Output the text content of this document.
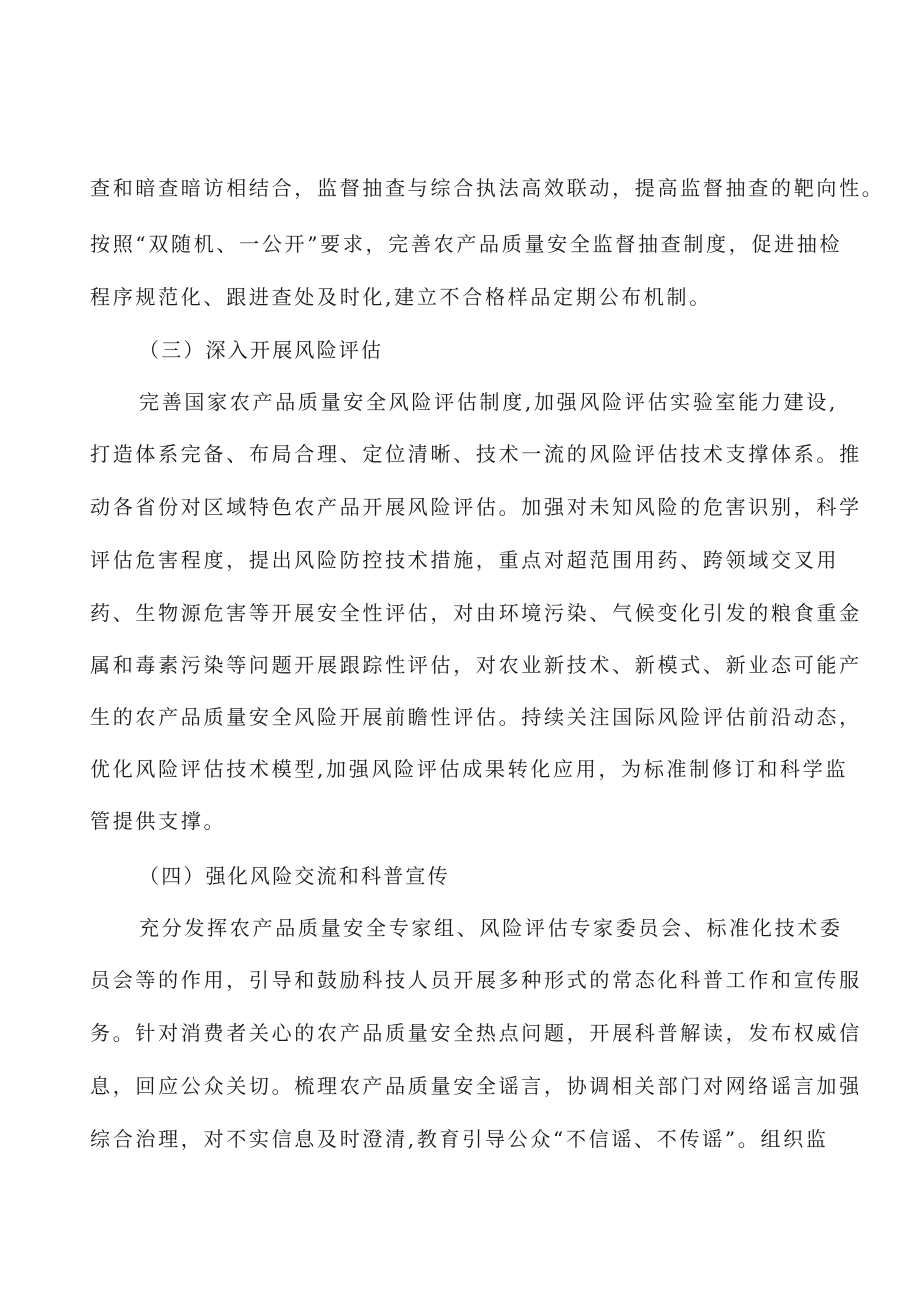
查和暗查暗访相结合，监督抽查与综合执法高效联动，提高监督抽查的靶向性。
按照“双随机、一公开”要求，完善农产品质量安全监督抽查制度，促进抽检
程序规范化、跟进查处及时化,建立不合格样品定期公布机制。
（三）深入开展风险评估
完善国家农产品质量安全风险评估制度,加强风险评估实验室能力建设,
打造体系完备、布局合理、定位清晰、技术一流的风险评估技术支撑体系。推
动各省份对区域特色农产品开展风险评估。加强对未知风险的危害识别，科学
评估危害程度，提出风险防控技术措施，重点对超范围用药、跨领域交叉用
药、生物源危害等开展安全性评估，对由环境污染、气候变化引发的粮食重金
属和毒素污染等问题开展跟踪性评估，对农业新技术、新模式、新业态可能产
生的农产品质量安全风险开展前瞻性评估。持续关注国际风险评估前沿动态，
优化风险评估技术模型,加强风险评估成果转化应用，为标准制修订和科学监
管提供支撑。
（四）强化风险交流和科普宣传
充分发挥农产品质量安全专家组、风险评估专家委员会、标准化技术委
员会等的作用，引导和鼓励科技人员开展多种形式的常态化科普工作和宣传服
务。针对消费者关心的农产品质量安全热点问题，开展科普解读，发布权威信
息，回应公众关切。梳理农产品质量安全谣言，协调相关部门对网络谣言加强
综合治理，对不实信息及时澄清,教育引导公众“不信谣、不传谣”。组织监
